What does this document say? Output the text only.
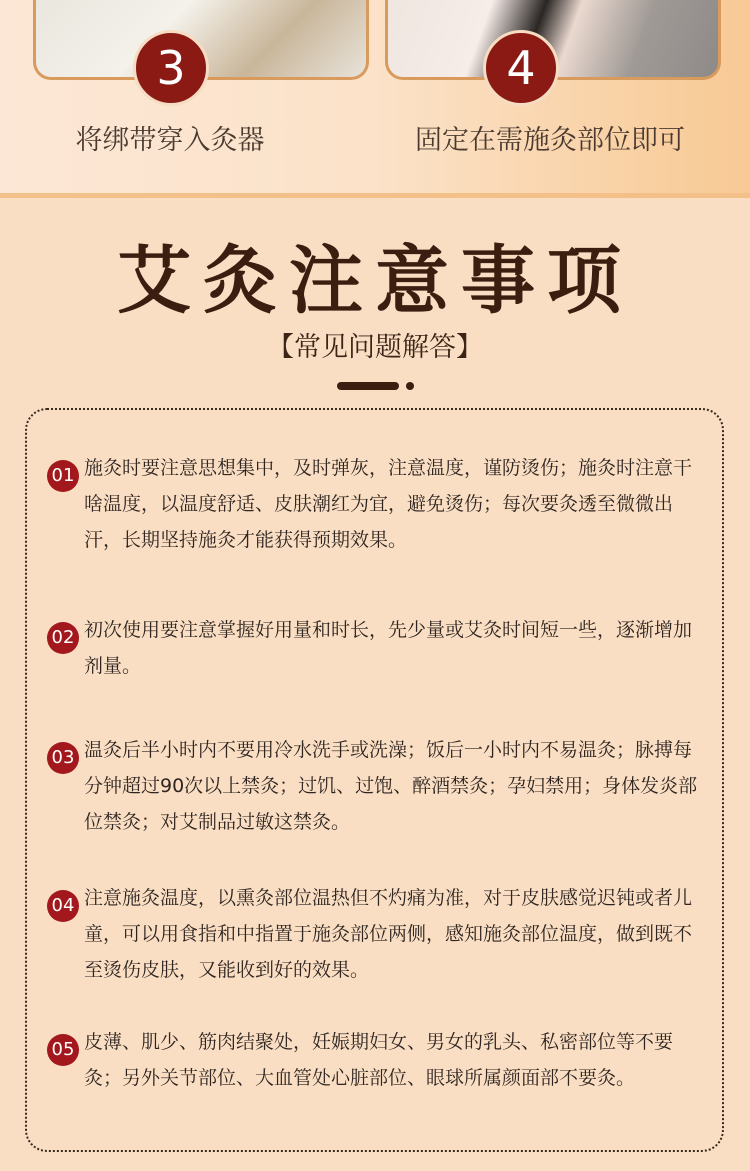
3	4
将绑带穿入灸器	固定在需施灸部位即可
艾灸注意事项
【常见问题解答】
01 施灸时要注意思想集中，及时弹灰，注意温度，谨防烫伤；施灸时注意干啥温度，以温度舒适、皮肤潮红为宜，避免烫伤；每次要灸透至微微出汗，长期坚持施灸才能获得预期效果。
02 初次使用要注意掌握好用量和时长，先少量或艾灸时间短一些，逐渐增加剂量。
03 温灸后半小时内不要用冷水洗手或洗澡；饭后一小时内不易温灸；脉搏每分钟超过90次以上禁灸；过饥、过饱、醉酒禁灸；孕妇禁用；身体发炎部位禁灸；对艾制品过敏这禁灸。
04 注意施灸温度，以熏灸部位温热但不灼痛为准，对于皮肤感觉迟钝或者儿童，可以用食指和中指置于施灸部位两侧，感知施灸部位温度，做到既不至烫伤皮肤，又能收到好的效果。
05 皮薄、肌少、筋肉结聚处，妊娠期妇女、男女的乳头、私密部位等不要灸；另外关节部位、大血管处心脏部位、眼球所属颜面部不要灸。
